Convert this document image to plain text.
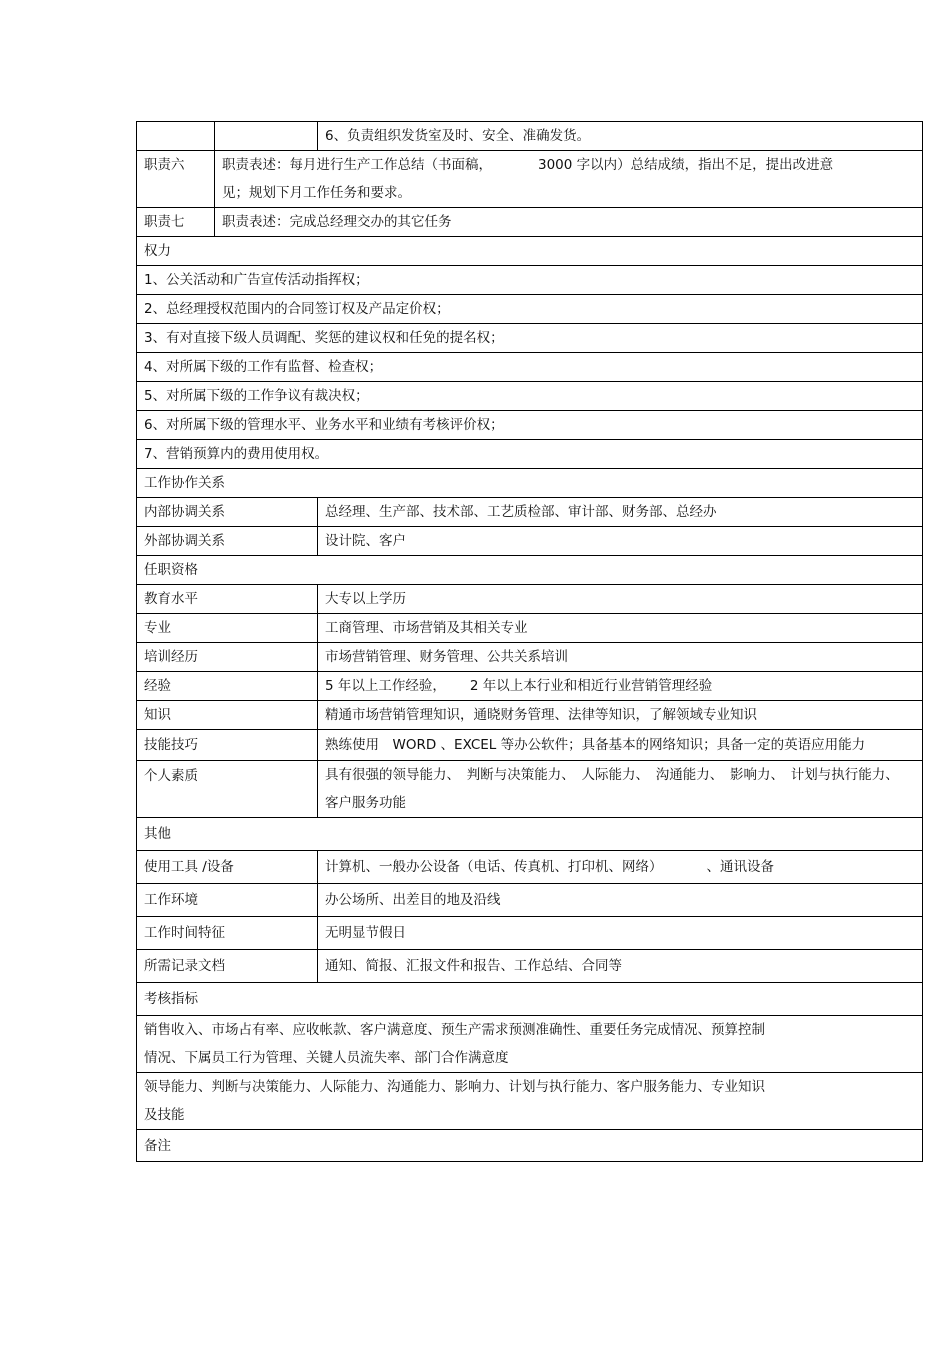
		6、负责组织发货室及时、安全、准确发货。
职责六	职责表述：每月进行生产工作总结（书面稿， 3000 字以内）总结成绩，指出不足，提出改进意
见；规划下月工作任务和要求。	
职责七	职责表述：完成总经理交办的其它任务	
权力		
1、公关活动和广告宣传活动指挥权；		
2、总经理授权范围内的合同签订权及产品定价权；		
3、有对直接下级人员调配、奖惩的建议权和任免的提名权；		
4、对所属下级的工作有监督、检查权；		
5、对所属下级的工作争议有裁决权；		
6、对所属下级的管理水平、业务水平和业绩有考核评价权；		
7、营销预算内的费用使用权。		
工作协作关系		
内部协调关系		总经理、生产部、技术部、工艺质检部、审计部、财务部、总经办
外部协调关系		设计院、客户
任职资格		
教育水平		大专以上学历
专业		工商管理、市场营销及其相关专业
培训经历		市场营销管理、财务管理、公共关系培训
经验		5 年以上工作经验， 2 年以上本行业和相近行业营销管理经验
知识		精通市场营销管理知识，通晓财务管理、法律等知识，了解领域专业知识
技能技巧		熟练使用　WORD 、EXCEL 等办公软件；具备基本的网络知识；具备一定的英语应用能力
个人素质		具有很强的领导能力、　判断与决策能力、　人际能力、　沟通能力、　影响力、　计划与执行能力、
客户服务功能
其他		
使用工具 /设备		计算机、一般办公设备（电话、传真机、打印机、网络） 、通讯设备
工作环境		办公场所、出差目的地及沿线
工作时间特征		无明显节假日
所需记录文档		通知、简报、汇报文件和报告、工作总结、合同等
考核指标		
销售收入、市场占有率、应收帐款、客户满意度、预生产需求预测准确性、重要任务完成情况、预算控制
情况、下属员工行为管理、关键人员流失率、部门合作满意度		
领导能力、判断与决策能力、人际能力、沟通能力、影响力、计划与执行能力、客户服务能力、专业知识
及技能		
备注		
